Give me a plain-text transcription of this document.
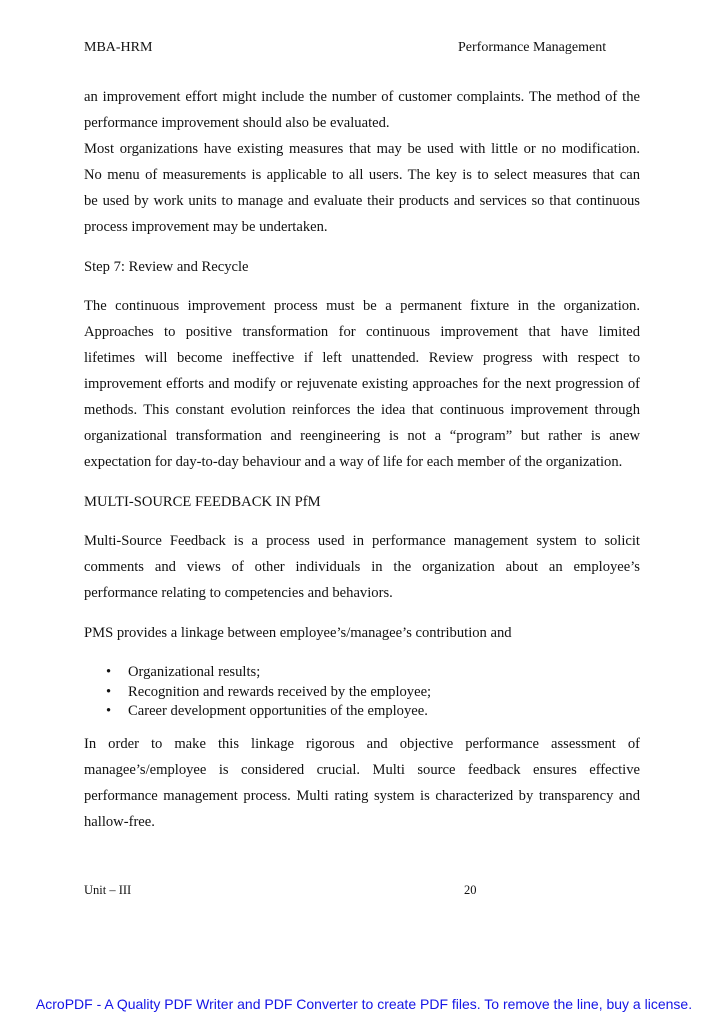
MBA-HRM	Performance Management
an improvement effort might include the number of customer complaints. The method of the
performance improvement should also be evaluated.
Most organizations have existing measures that may be used with little or no modification.
No menu of measurements is applicable to all users. The key is to select measures that can
be used by work units to manage and evaluate their products and services so that continuous
process improvement may be undertaken.
Step 7: Review and Recycle
The continuous improvement process must be a permanent fixture in the organization.
Approaches to positive transformation for continuous improvement that have limited
lifetimes will become ineffective if left unattended. Review progress with respect to
improvement efforts and modify or rejuvenate existing approaches for the next progression of
methods. This constant evolution reinforces the idea that continuous improvement through
organizational transformation and reengineering is not a “program” but rather is anew
expectation for day-to-day behaviour and a way of life for each member of the organization.
MULTI-SOURCE FEEDBACK IN PfM
Multi-Source Feedback is a process used in performance management system to solicit
comments and views of other individuals in the organization about an employee’s
performance relating to competencies and behaviors.
PMS provides a linkage between employee’s/managee’s contribution and
• Organizational results;
• Recognition and rewards received by the employee;
• Career development opportunities of the employee.
In order to make this linkage rigorous and objective performance assessment of
managee’s/employee is considered crucial. Multi source feedback ensures effective
performance management process. Multi rating system is characterized by transparency and
hallow-free.
Unit – III	20
AcroPDF - A Quality PDF Writer and PDF Converter to create PDF files. To remove the line, buy a license.
